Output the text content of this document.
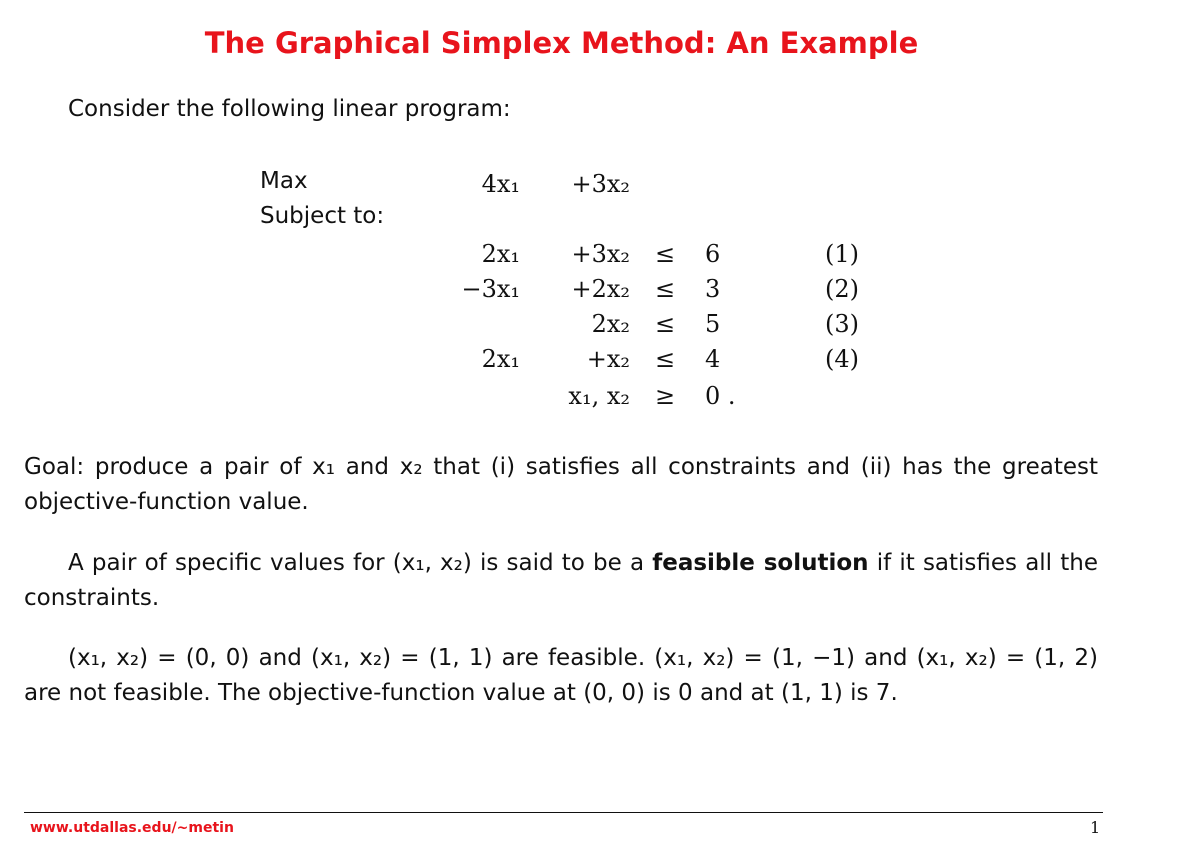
The Graphical Simplex Method: An Example
Consider the following linear program:
Max	4x₁	+3x₂
Subject to:
2x₁	+3x₂ ≤ 6	(1)
−3x₁	+2x₂ ≤ 3	(2)
2x₂ ≤ 5	(3)
2x₁	+x₂ ≤ 4	(4)
x₁, x₂ ≥ 0 .
Goal: produce a pair of x₁ and x₂ that (i) satisfies all constraints and (ii) has the greatest objective-function value.
A pair of specific values for (x₁, x₂) is said to be a feasible solution if it satisfies all the constraints.
(x₁, x₂) = (0, 0) and (x₁, x₂) = (1, 1) are feasible. (x₁, x₂) = (1, −1) and (x₁, x₂) = (1, 2) are not feasible. The objective-function value at (0, 0) is 0 and at (1, 1) is 7.
www.utdallas.edu/~metin	1
